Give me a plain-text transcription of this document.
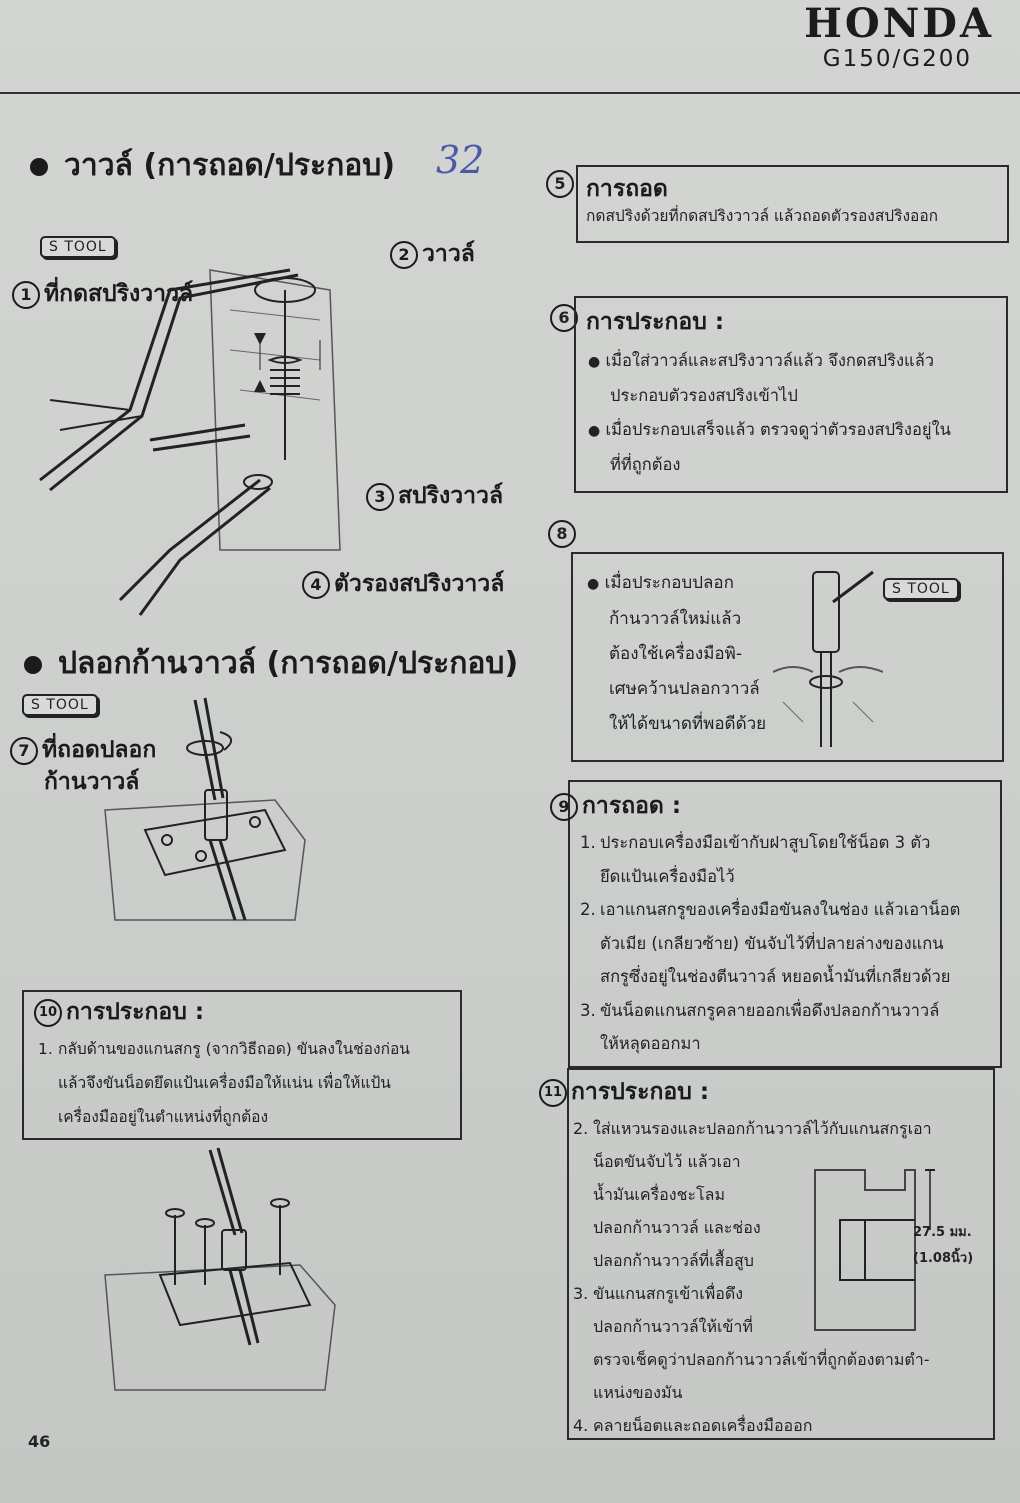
HONDA
G150/G200
วาวล์ (การถอด/ประกอบ) 32
S TOOL
1 ที่กดสปริงวาวล์
2 วาวล์
3 สปริงวาวล์
4 ตัวรองสปริงวาวล์
ปลอกก้านวาวล์ (การถอด/ประกอบ)
S TOOL
7 ที่ถอดปลอก
ก้านวาวล์
10 การประกอบ :
1. กลับด้านของแกนสกรู (จากวิธีถอด) ขันลงในช่องก่อน
แล้วจึงขันน็อตยึดแป้นเครื่องมือให้แน่น เพื่อให้แป้น
เครื่องมืออยู่ในตำแหน่งที่ถูกต้อง
5 การถอด
กดสปริงด้วยที่กดสปริงวาวล์ แล้วถอดตัวรองสปริงออก
6 การประกอบ :
● เมื่อใส่วาวล์และสปริงวาวล์แล้ว จึงกดสปริงแล้ว
ประกอบตัวรองสปริงเข้าไป
● เมื่อประกอบเสร็จแล้ว ตรวจดูว่าตัวรองสปริงอยู่ใน
ที่ที่ถูกต้อง
8
● เมื่อประกอบปลอก
ก้านวาวล์ใหม่แล้ว
ต้องใช้เครื่องมือพิ-
เศษคว้านปลอกวาวล์
ให้ได้ขนาดที่พอดีด้วย
S TOOL
9 การถอด :
1. ประกอบเครื่องมือเข้ากับฝาสูบโดยใช้น็อต 3 ตัว
ยึดแป้นเครื่องมือไว้
2. เอาแกนสกรูของเครื่องมือขันลงในช่อง แล้วเอาน็อต
ตัวเมีย (เกลียวซ้าย) ขันจับไว้ที่ปลายล่างของแกน
สกรูซึ่งอยู่ในช่องตีนวาวล์ หยอดน้ำมันที่เกลียวด้วย
3. ขันน็อตแกนสกรูคลายออกเพื่อดึงปลอกก้านวาวล์
ให้หลุดออกมา
11 การประกอบ :
2. ใส่แหวนรองและปลอกก้านวาวล์ไว้กับแกนสกรูเอา
น็อตขันจับไว้ แล้วเอา
น้ำมันเครื่องชะโลม
ปลอกก้านวาวล์ และช่อง
ปลอกก้านวาวล์ที่เสื้อสูบ
3. ขันแกนสกรูเข้าเพื่อดึง
ปลอกก้านวาวล์ให้เข้าที่
ตรวจเช็คดูว่าปลอกก้านวาวล์เข้าที่ถูกต้องตามตำ-
แหน่งของมัน
4. คลายน็อตและถอดเครื่องมือออก
27.5 มม.
(1.08นิ้ว)
46
